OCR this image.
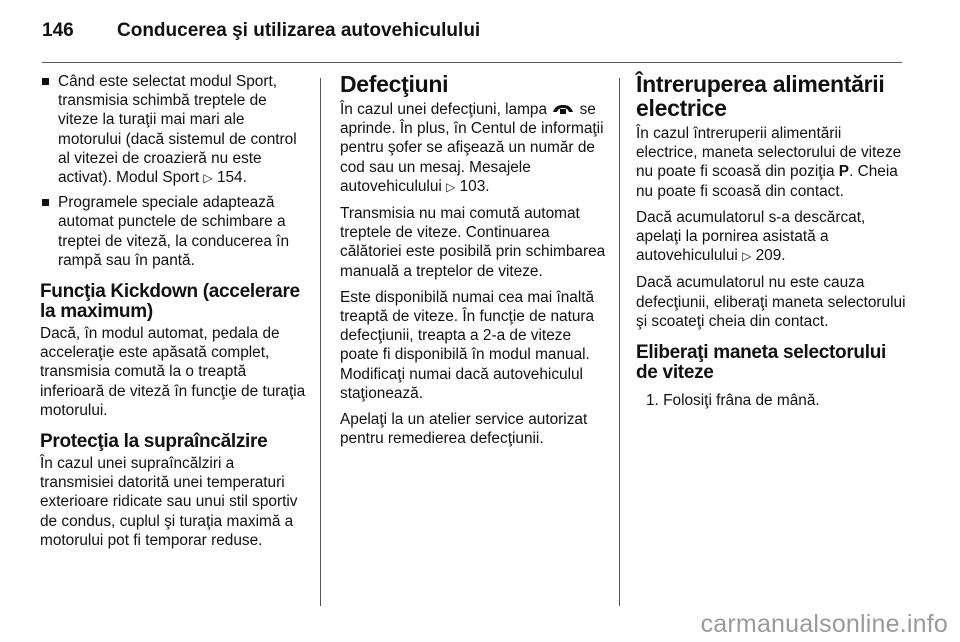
146 Conducerea şi utilizarea autovehiculului
Când este selectat modul Sport, transmisia schimbă treptele de viteze la turaţii mai mari ale motorului (dacă sistemul de control al vitezei de croazieră nu este activat). Modul Sport ▷ 154.
Programele speciale adaptează automat punctele de schimbare a treptei de viteză, la conducerea în rampă sau în pantă.
Funcţia Kickdown (accelerare la maximum)

Dacă, în modul automat, pedala de acceleraţie este apăsată complet, transmisia comută la o treaptă inferioară de viteză în funcţie de turaţia motorului.

Protecţia la supraîncălzire

În cazul unei supraîncălziri a transmisiei datorită unei temperaturi exterioare ridicate sau unui stil sportiv de condus, cuplul şi turaţia maximă a motorului pot fi temporar reduse.

Defecţiuni

În cazul unei defecţiuni, lampa se aprinde. În plus, în Centul de informaţii pentru şofer se afişează un număr de cod sau un mesaj. Mesajele autovehiculului ▷ 103.

Transmisia nu mai comută automat treptele de viteze. Continuarea călătoriei este posibilă prin schimbarea manuală a treptelor de viteze.

Este disponibilă numai cea mai înaltă treaptă de viteze. În funcţie de natura defecţiunii, treapta a 2-a de viteze poate fi disponibilă în modul manual. Modificaţi numai dacă autovehiculul staţionează.

Apelaţi la un atelier service autorizat pentru remedierea defecţiunii.

Întreruperea alimentării electrice

În cazul întreruperii alimentării electrice, maneta selectorului de viteze nu poate fi scoasă din poziţia P. Cheia nu poate fi scoasă din contact.

Dacă acumulatorul s-a descărcat, apelaţi la pornirea asistată a autovehiculului ▷ 209.

Dacă acumulatorul nu este cauza defecţiunii, eliberaţi maneta selectorului şi scoateţi cheia din contact.

Eliberaţi maneta selectorului de viteze
1. Folosiţi frâna de mână.
carmanualsonline.info
